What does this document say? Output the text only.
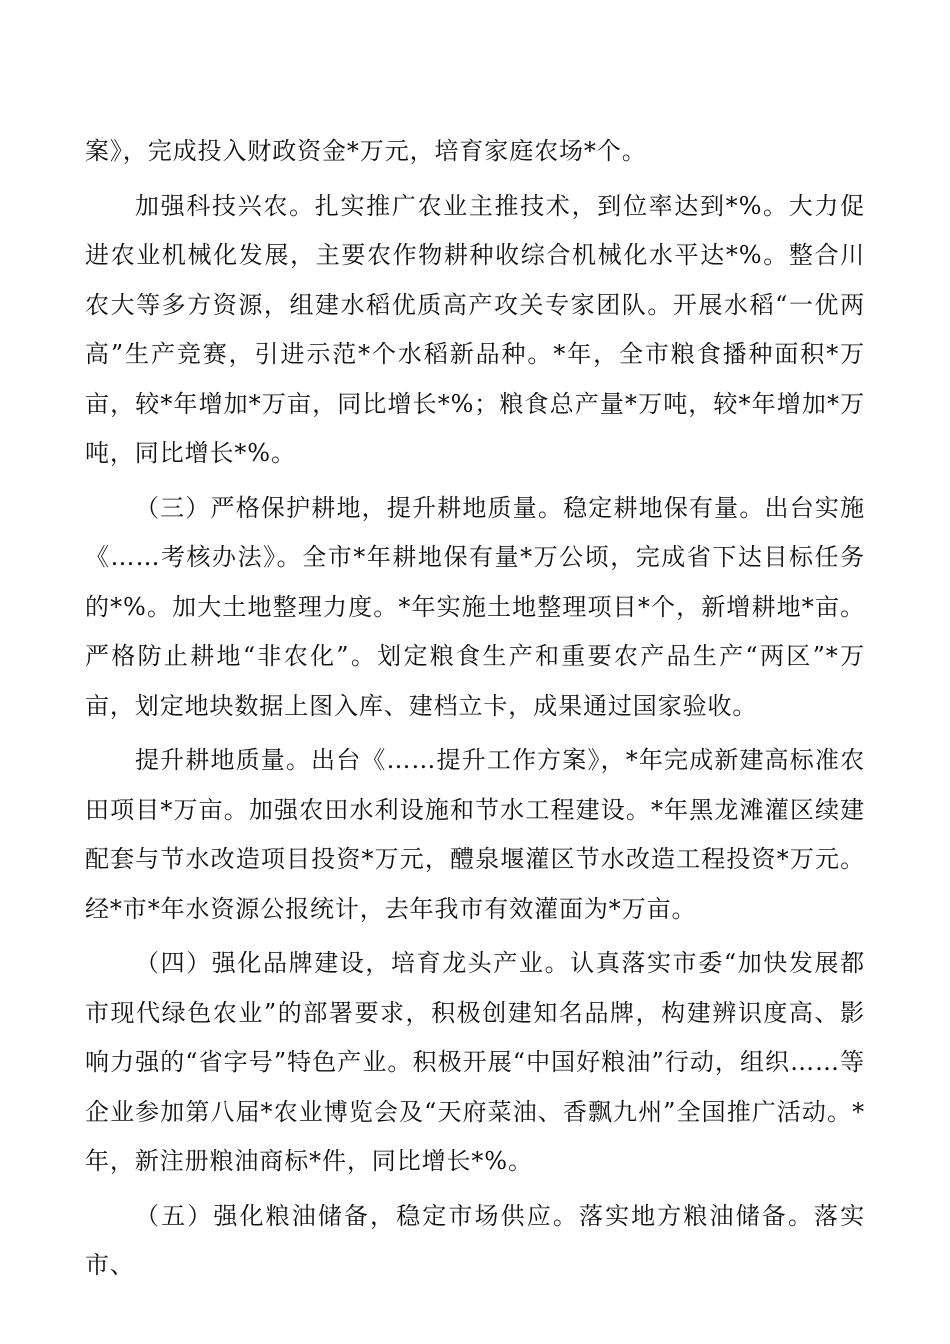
案》，完成投入财政资金*万元，培育家庭农场*个。

加强科技兴农。扎实推广农业主推技术，到位率达到*%。大力促进农业机械化发展，主要农作物耕种收综合机械化水平达*%。整合川农大等多方资源，组建水稻优质高产攻关专家团队。开展水稻“一优两高”生产竞赛，引进示范*个水稻新品种。*年，全市粮食播种面积*万亩，较*年增加*万亩，同比增长*%；粮食总产量*万吨，较*年增加*万吨，同比增长*%。

（三）严格保护耕地，提升耕地质量。稳定耕地保有量。出台实施《……考核办法》。全市*年耕地保有量*万公顷，完成省下达目标任务的*%。加大土地整理力度。*年实施土地整理项目*个，新增耕地*亩。严格防止耕地“非农化”。划定粮食生产和重要农产品生产“两区”*万亩，划定地块数据上图入库、建档立卡，成果通过国家验收。

提升耕地质量。出台《……提升工作方案》，*年完成新建高标准农田项目*万亩。加强农田水利设施和节水工程建设。*年黑龙滩灌区续建配套与节水改造项目投资*万元，醴泉堰灌区节水改造工程投资*万元。经*市*年水资源公报统计，去年我市有效灌面为*万亩。

（四）强化品牌建设，培育龙头产业。认真落实市委“加快发展都市现代绿色农业”的部署要求，积极创建知名品牌，构建辨识度高、影响力强的“省字号”特色产业。积极开展“中国好粮油”行动，组织……等企业参加第八届*农业博览会及“天府菜油、香飘九州”全国推广活动。*年，新注册粮油商标*件，同比增长*%。

（五）强化粮油储备，稳定市场供应。落实地方粮油储备。落实市、
